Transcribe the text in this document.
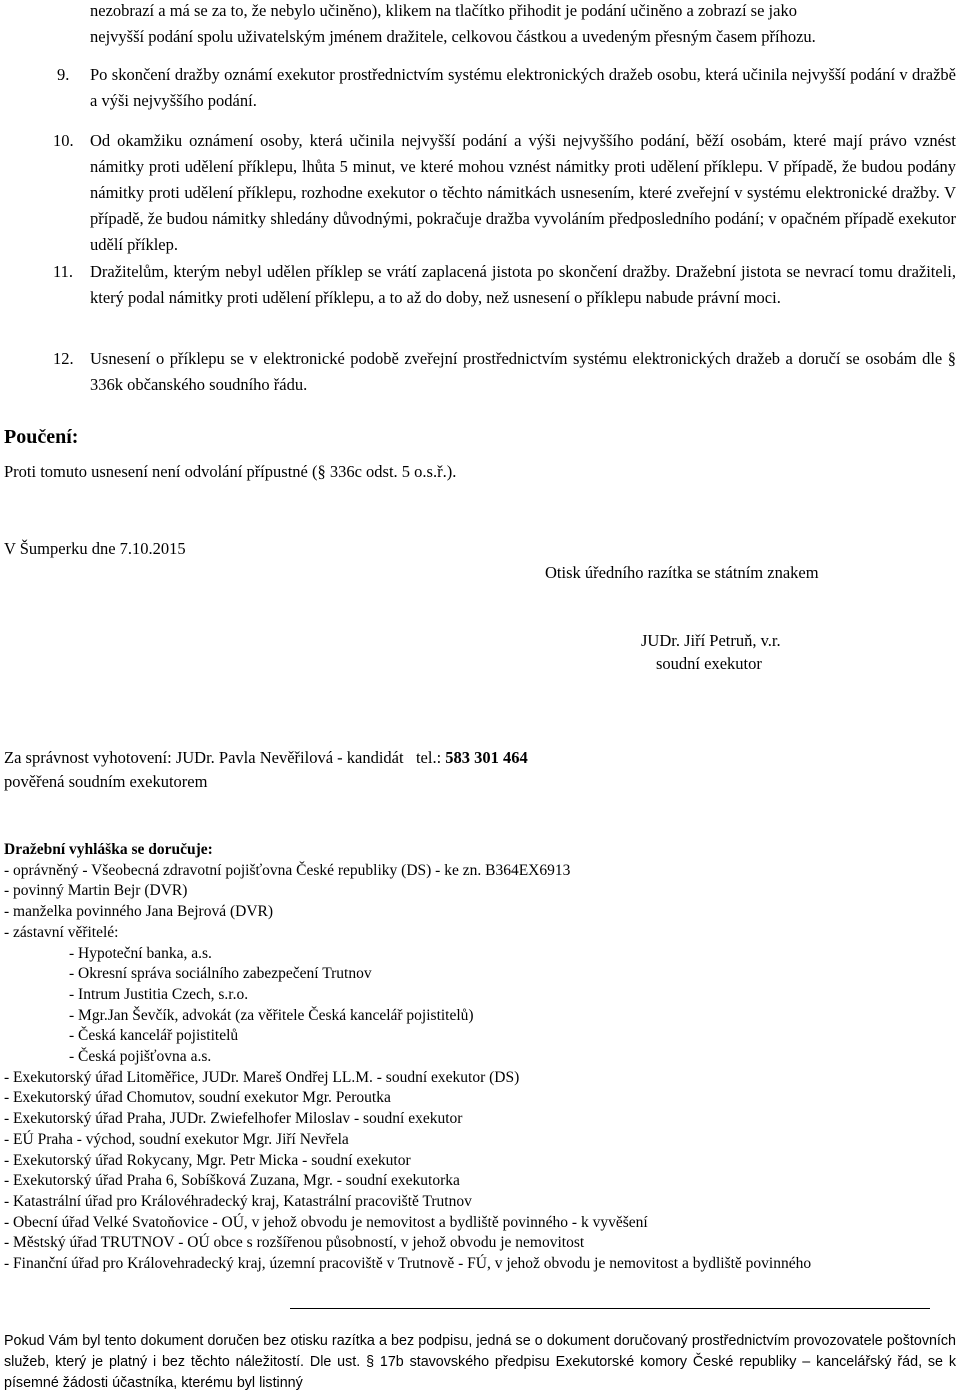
nezobrazí a má se za to, že nebylo učiněno), klikem na tlačítko přihodit je podání učiněno a zobrazí se jako
nejvyšší podání spolu uživatelským jménem dražitele, celkovou částkou a uvedeným přesným časem příhozu.
9. Po skončení dražby oznámí exekutor prostřednictvím systému elektronických dražeb osobu, která učinila nejvyšší podání v dražbě a výši nejvyššího podání.
10. Od okamžiku oznámení osoby, která učinila nejvyšší podání a výši nejvyššího podání, běží osobám, které mají právo vznést námitky proti udělení příklepu, lhůta 5 minut, ve které mohou vznést námitky proti udělení příklepu. V případě, že budou podány námitky proti udělení příklepu, rozhodne exekutor o těchto námitkách usnesením, které zveřejní v systému elektronické dražby. V případě, že budou námitky shledány důvodnými, pokračuje dražba vyvoláním předposledního podání; v opačném případě exekutor udělí příklep.
11. Dražitelům, kterým nebyl udělen příklep se vrátí zaplacená jistota po skončení dražby. Dražební jistota se nevrací tomu dražiteli, který podal námitky proti udělení příklepu, a to až do doby, než usnesení o příklepu nabude právní moci.
12. Usnesení o příklepu se v elektronické podobě zveřejní prostřednictvím systému elektronických dražeb a doručí se osobám dle § 336k občanského soudního řádu.
Poučení:
Proti tomuto usnesení není odvolání přípustné (§ 336c odst. 5 o.s.ř.).
V Šumperku dne 7.10.2015
Otisk úředního razítka se státním znakem
JUDr. Jiří Petruň, v.r.
soudní exekutor
Za správnost vyhotovení: JUDr. Pavla Nevěřilová - kandidát tel.: 583 301 464
pověřená soudním exekutorem
Dražební vyhláška se doručuje:
- oprávněný - Všeobecná zdravotní pojišťovna České republiky (DS) - ke zn. B364EX6913
- povinný Martin Bejr (DVR)
- manželka povinného Jana Bejrová (DVR)
- zástavní věřitelé:
- Hypoteční banka, a.s.
- Okresní správa sociálního zabezpečení Trutnov
- Intrum Justitia Czech, s.r.o.
- Mgr.Jan Ševčík, advokát (za věřitele Česká kancelář pojistitelů)
- Česká kancelář pojistitelů
- Česká pojišťovna a.s.
- Exekutorský úřad Litoměřice, JUDr. Mareš Ondřej LL.M. - soudní exekutor (DS)
- Exekutorský úřad Chomutov, soudní exekutor Mgr. Peroutka
- Exekutorský úřad Praha, JUDr. Zwiefelhofer Miloslav - soudní exekutor
- EÚ Praha - východ, soudní exekutor Mgr. Jiří Nevřela
- Exekutorský úřad Rokycany, Mgr. Petr Micka - soudní exekutor
- Exekutorský úřad Praha 6, Sobíšková Zuzana, Mgr. - soudní exekutorka
- Katastrální úřad pro Královéhradecký kraj, Katastrální pracoviště Trutnov
- Obecní úřad Velké Svatoňovice - OÚ, v jehož obvodu je nemovitost a bydliště povinného - k vyvěšení
- Městský úřad TRUTNOV - OÚ obce s rozšířenou působností, v jehož obvodu je nemovitost
- Finanční úřad pro Královehradecký kraj, územní pracoviště v Trutnově - FÚ, v jehož obvodu je nemovitost a bydliště povinného
Pokud Vám byl tento dokument doručen bez otisku razítka a bez podpisu, jedná se o dokument doručovaný prostřednictvím provozovatele poštovních služeb, který je platný i bez těchto náležitostí. Dle ust. § 17b stavovského předpisu Exekutorské komory České republiky – kancelářský řád, se k písemné žádosti účastníka, kterému byl listinný
